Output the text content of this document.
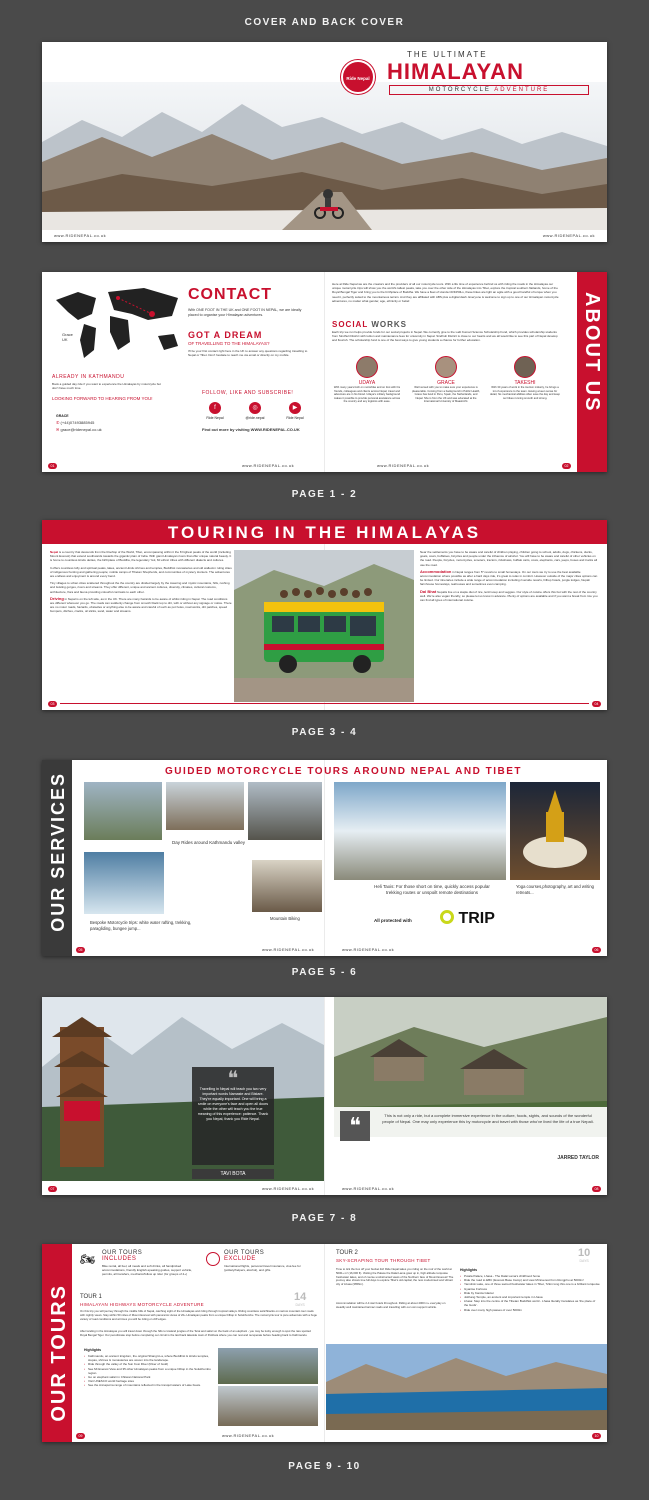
COVER AND BACK COVER
Ride Nepal
THE ULTIMATE
HIMALAYAN
MOTORCYCLE ADVENTURE
www.RIDENEPAL.co.uk	www.RIDENEPAL.co.uk
PAGE 1 - 2
Grace UK
CONTACT
With ONE FOOT IN THE UK and ONE FOOT IN NEPAL, we are ideally placed to organise your Himalayan adventures.
GOT A DREAM
OF TRAVELLING TO THE HIMALAYAS?
I'll be your first contact right here in the UK to answer any questions regarding travelling to Nepal or Tibet. Don't hesitate to reach me via email or directly on my mobile.
ALREADY IN KATHMANDU
Book a guided day ride if you want to experience the Himalayas by motorcycle but don't have much time.
LOOKING FORWARD TO HEARING FROM YOU!
GRACE
✆ (+44)07493885945
✉ grace@ridenepal.co.uk
FOLLOW, LIKE AND SUBSCRIBE!
f
Ride Nepal
◎
@ride.nepal
▶
Ride Nepal
Find out more by visiting WWW.RIDENEPAL.CO.UK
Here at Ride Nepal we are the creators and the providers of all our motorcycle tours. With a life time of experience behind us with riding the roads in the Himalayas our unique motorcycle trips will show you the world's tallest peaks, take you over the other side of the Himalayas into Tibet, explore the tropical southern flatlands, home of the Royal Bengal Tiger and bring you to the birthplace of Buddha. We have a fleet of Honda CRF250Ls, these bikes are light an agile with a good handful of torque when you need it, perfectly suited to the mountainous terrain. And they are affiliated with ABS plus a digital dash. Everyone is welcome to sign up to one of our Himalayan motorcycle adventures, no matter what gender, age, ethnicity or belief.
SOCIAL WORKS
Each trip we run helps provide funds for our social projects in Nepal. We currently give to the Lalit Kumari Science Scholarship Fund, which provides scholarship students from Sindhuli District with tuition and maintenance fees for university in Nepal. Sindhuli District is close to our hearts and we all would like to see this part of Nepal develop and flourish. The scholarship fund is one of the best ways to give young students a chance for further education.
UDAYA
With many years both on motorbike and on foot with his friends, colleagues and clients across Nepal, travel and adventure are in his blood. Udaya's military background makes it possible to provide personal assistance across the country and any logistics with ease.
GRACE
Well versed with you to make sure your experience is pleasurable. Coming from a background in Public Health, Grace has lived in Peru, Spain, the Netherlands, and Nepal. She is from the UK and was educated at the International University of Maastricht.
TAKESHI
With 30 years of work in the tourism industry, he brings a lot of experience to the team. Having a keen sense for detail, his mechanical abilities often save the day and keep our bikes running smooth and strong.	ABOUT US
www.RIDENEPAL.co.uk	www.RIDENEPAL.co.uk
01	02
PAGE 3 - 4
TOURING IN THE HIMALAYAS

Nepal is a country that descends from the Rooftop of the World, Tibet, encompassing within it the 8 highest peaks of the world (including Mount Everest) that extend southwards towards the gigantic plain of India. With giant Himalayan rivers that offer unique natural beauty. It is home to countless Hindu deities, the birthplace of Buddha, the legendary Yeti, 60 ethnic tribes with different dialects and cultures.

It offers countless lofty and spiritual peaks, lakes, ancient Hindu shrines and temples, Buddhist monasteries and old walled-in ruling cities of indigenous hunting and gathering people; mobile camps of Tibetan Shepherds, and communities of mystery Hunters. The adventures are endless and enjoyment is around every bend.

Tiny villages to urban cities scattered throughout the the country are divided largely by the towering and mystic mountains, hills, rushing and twisting gorges, rivers and streams. They offer different, unique and ancient cultures, diversity, climates, cultural customs, architecture, flora and fauna providing colourful contrasts to each other.

Driving in Nepal is on the left side, as in the UK. There are many hazards to be aware of whilst riding in Nepal. The road conditions are different wherever you go. The roads can suddenly change from smooth black top to dirt, with or without any signage or notice. There are no motor roads, hazards, obstacles or anything else to be aware and careful of such as pot holes, road works, dirt patches, speed bumpers, ditches, cracks, oil slicks, sand, water and streams.

Near the settlements you have to be aware and careful of children playing, children going to school, adults, dogs, chickens, ducks, goats, cows, buffaloes, bicycles and people under the influence of alcohol. You will have to be aware and careful of other vehicles on the road. People, bicycles, motorcycles, scooters, tractors, rickshaws, buffalo carts, cows, elephants, cars, jeeps, buses and trucks all use the road.

Accommodation in Nepal ranges from 5* resorts to small homestays. On our tours we try to use the best available accommodation where possible as after a hard days ride, it's great to relax in comfort. However outside of the major cities options can be limited. Our itineraries include a wide range of accommodation including riverside resorts, hilltop hotels, jungle lodges, Nepali farmhouse homestays, teahouses and sometimes even camping.

Dal Bhat Nepalis live on a staple diet of rice, lentil soup and veggies. Our style of cuisine offers this but with the rest of the country well. We're also vegan friendly, so please let us know in advance. Plenty of options are available and if you want a break from rice you can find all types of international cuisine.

03	04
PAGE 5 - 6
OUR SERVICES
GUIDED MOTORCYCLE TOURS AROUND NEPAL AND TIBET
Day Rides around Kathmandu valley
Bespoke Motorcycle trips: white water rafting, trekking, paragliding, bungee jump...
Mountain Biking
Heli Taxis: For those short on time, quickly access popular trekking routes or unspoilt remote destinations
Yoga courses,photography, art and writing retreats...
All protected with	TRIP
www.RIDENEPAL.co.uk	www.RIDENEPAL.co.uk
05	06
PAGE 7 - 8
❝
Travelling in Nepal will teach you two very important words Namaste and Bistare. They're equally important. One will bring a smile on everyone's face and open all doors while the other will teach you the true meaning of this experience: patience. Thank you Nepal, thank you Ride Nepal.
TAVI BOTA
❝	This is not only a ride, but a complete immersive experience in the culture, foods, sights, and sounds of the wonderful people of Nepal. One may only experience this by motorcycle and travel with those who've lived the life of a true Nepali.
JARRED TAYLOR
www.RIDENEPAL.co.uk	www.RIDENEPAL.co.uk
07	08
PAGE 9 - 10
OUR TOURS
🏍	OUR TOURS
INCLUDES
Bike rental, all fuel, all meals and soft drinks, all handpicked accommodations, friendly English-speaking guides, support vehicle, permits, all transfers, mechanic/follow up rider (for groups of 4+)
OUR TOURS
EXCLUDE
International flights, personal travel insurance, visa fee for (politely/helpers, alcohol), and gifts.
TOUR 1
HIMALAYAN HIGHWAYS MOTORCYCLE ADVENTURE
14
DAYS
On this trip you will journey through the middle hills of Nepal, catching sight of the Himalayas and riding through tropical valleys. Riding countless switchbacks on narrow mountain tour roads with nightly views. Stay within 50 miles of Mount Everest with panoramic views of 20+ Himalayan peaks from a unique hilltop in Solukhumbu. The motorcycle tour is pure adventure with a huge variety of road conditions and at times you will be riding on cliff edges.
After landing in the Himalayas you will travel down through the hills to lowland jungles of the Terai and safari on the back of an elephant - you may be lucky enough to spot the rare spotted Royal Bengal Tiger. Our penultimate stop before completing our circuit is the laid back lakeside town of Pokhara where you can rest and recuperate before heading back to Kathmandu.
Highlights
• Kathmandu, an ancient kingdom, the original Shangri-La, where Buddhist & Hindu temples, stupas, shrines & monasteries are woven into the landscape.
• Ride through the valley of the Sun Kosi River (River of Gold)
• See Mt Everest View and 35 other Himalayan peaks from a unique hilltop in the Solukhumbu region.
• Go on elephant safari in Chitwan National Park
• Visit UNESCO world heritage sites
• See the Annapurna range of mountains reflected in the tranquil waters of Lake Fewa.
TOUR 2
SKY-SCRAPING TOUR THROUGH TIBET
10
DAYS
Time to tick the box off your bucket list! Ride Nepal takes you riding on the roof of the world at 5000+ m! (16,000 ft). Visiting the Palace the Dalai Lama grew up in, high altitude turquoise freshwater lakes, and of course unobstructed views of the Northern face of Mount Everest! The journey also shows true full days to explore Tibet's old capital, the now modernised and vibrant city of Lhasa (3656m).
Accommodation will be 2-4 star hotels throughout. Riding at about 4000 m+ everyday on steadily well maintained tarmac roads and travelling with our own support vehicle.
Highlights
• Potala Palace, Lhasa - The Dalai Lama's childhood home
• Ride the road to EBC (Everest Base Camp) and view Mt Everest from Rongphu at 5000m!
• Yamdrok Lake, one of three sacred freshwater lakes in Tibet, 72km long this one is a brilliant turquoise
• Gyantse Fortress
• Ride by Karola Glacier
• Jokhang Temple, an ancient and important temple in Lhasa
• Lhasa: Step into the centre of the Tibetan Buddhist world - Lhasa literally translates as 'the place of the Gods'.
• Ride over many high passes of over 5000m
www.RIDENEPAL.co.uk	www.RIDENEPAL.co.uk
09	10
